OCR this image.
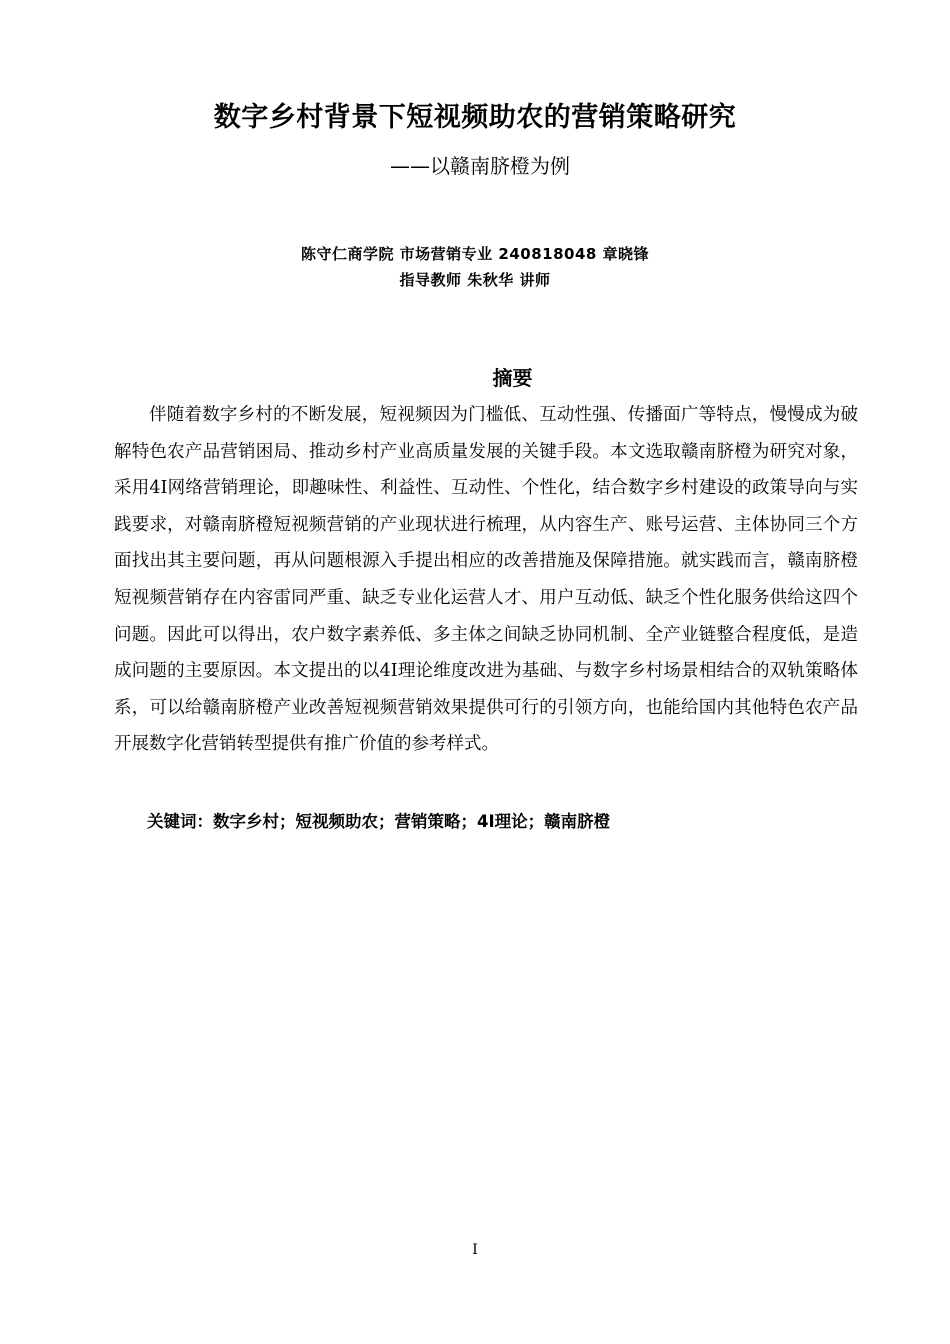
数字乡村背景下短视频助农的营销策略研究
——以赣南脐橙为例
陈守仁商学院 市场营销专业 240818048 章晓锋
指导教师 朱秋华 讲师
摘要

伴随着数字乡村的不断发展，短视频因为门槛低、互动性强、传播面广等特点，慢慢成为破解特色农产品营销困局、推动乡村产业高质量发展的关键手段。本文选取赣南脐橙为研究对象，采用4I网络营销理论，即趣味性、利益性、互动性、个性化，结合数字乡村建设的政策导向与实践要求，对赣南脐橙短视频营销的产业现状进行梳理，从内容生产、账号运营、主体协同三个方面找出其主要问题，再从问题根源入手提出相应的改善措施及保障措施。就实践而言，赣南脐橙短视频营销存在内容雷同严重、缺乏专业化运营人才、用户互动低、缺乏个性化服务供给这四个问题。因此可以得出，农户数字素养低、多主体之间缺乏协同机制、全产业链整合程度低，是造成问题的主要原因。本文提出的以4I理论维度改进为基础、与数字乡村场景相结合的双轨策略体系，可以给赣南脐橙产业改善短视频营销效果提供可行的引领方向，也能给国内其他特色农产品开展数字化营销转型提供有推广价值的参考样式。

关键词：数字乡村；短视频助农；营销策略；4I理论；赣南脐橙
I
